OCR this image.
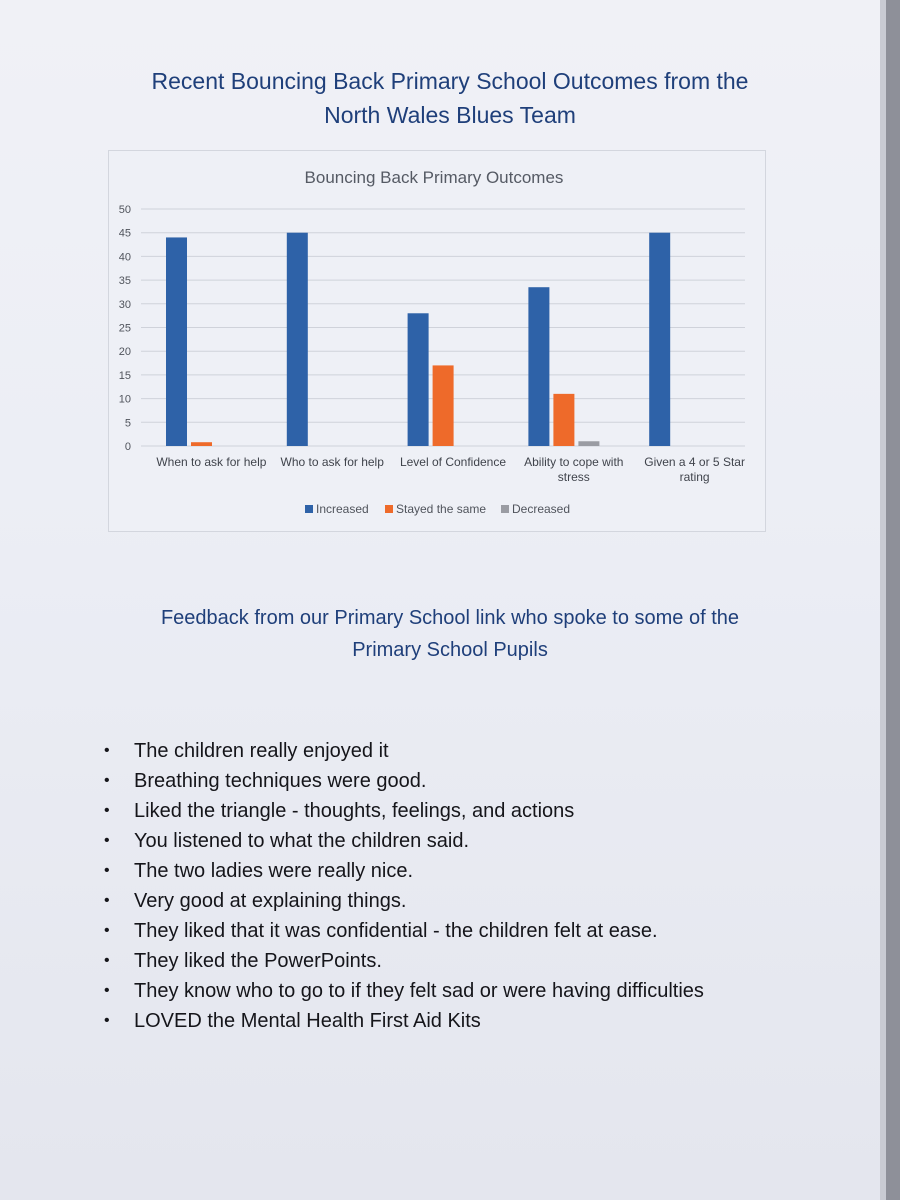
Recent Bouncing Back Primary School Outcomes from the
North Wales Blues Team
Bouncing Back Primary Outcomes
0
5
10
15
20
25
30
35
40
45
50
When to ask for help Who to ask for help Level of Confidence Ability to cope with
stress
Given a 4 or 5 Star
rating
Increased Stayed the same Decreased
Feedback from our Primary School link who spoke to some of the
Primary School Pupils
• The children really enjoyed it
• Breathing techniques were good.
• Liked the triangle - thoughts, feelings, and actions
• You listened to what the children said.
• The two ladies were really nice.
• Very good at explaining things.
• They liked that it was confidential - the children felt at ease.
• They liked the PowerPoints.
• They know who to go to if they felt sad or were having difficulties
• LOVED the Mental Health First Aid Kits
